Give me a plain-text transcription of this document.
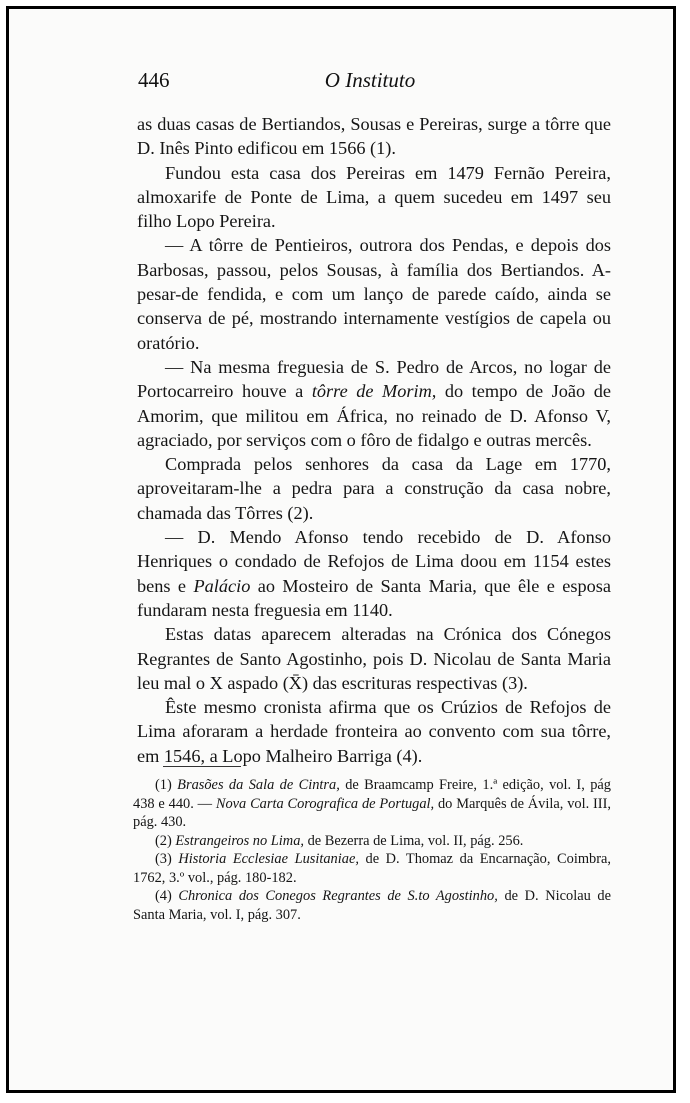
446	O Instituto

as duas casas de Bertiandos, Sousas e Pereiras, surge a tôrre que D. Inês Pinto edificou em 1566 (1).

Fundou esta casa dos Pereiras em 1479 Fernão Pereira, almoxarife de Ponte de Lima, a quem sucedeu em 1497 seu filho Lopo Pereira.

— A tôrre de Pentieiros, outrora dos Pendas, e depois dos Barbosas, passou, pelos Sousas, à família dos Bertiandos. A-pesar-de fendida, e com um lanço de parede caído, ainda se conserva de pé, mostrando internamente vestígios de capela ou oratório.

— Na mesma freguesia de S. Pedro de Arcos, no logar de Portocarreiro houve a tôrre de Morim, do tempo de João de Amorim, que militou em África, no reinado de D. Afonso V, agraciado, por serviços com o fôro de fidalgo e outras mercês.

Comprada pelos senhores da casa da Lage em 1770, aproveitaram-lhe a pedra para a construção da casa nobre, chamada das Tôrres (2).

— D. Mendo Afonso tendo recebido de D. Afonso Henriques o condado de Refojos de Lima doou em 1154 estes bens e Palácio ao Mosteiro de Santa Maria, que êle e esposa fundaram nesta freguesia em 1140.

Estas datas aparecem alteradas na Crónica dos Cónegos Regrantes de Santo Agostinho, pois D. Nicolau de Santa Maria leu mal o X aspado (X̄) das escrituras respectivas (3).

Êste mesmo cronista afirma que os Crúzios de Refojos de Lima aforaram a herdade fronteira ao convento com sua tôrre, em 1546, a Lopo Malheiro Barriga (4).

(1) Brasões da Sala de Cintra, de Braamcamp Freire, 1.ª edição, vol. I, pág 438 e 440. — Nova Carta Corografica de Portugal, do Marquês de Ávila, vol. III, pág. 430.

(2) Estrangeiros no Lima, de Bezerra de Lima, vol. II, pág. 256.

(3) Historia Ecclesiae Lusitaniae, de D. Thomaz da Encarnação, Coimbra, 1762, 3.º vol., pág. 180-182.

(4) Chronica dos Conegos Regrantes de S.to Agostinho, de D. Nicolau de Santa Maria, vol. I, pág. 307.
